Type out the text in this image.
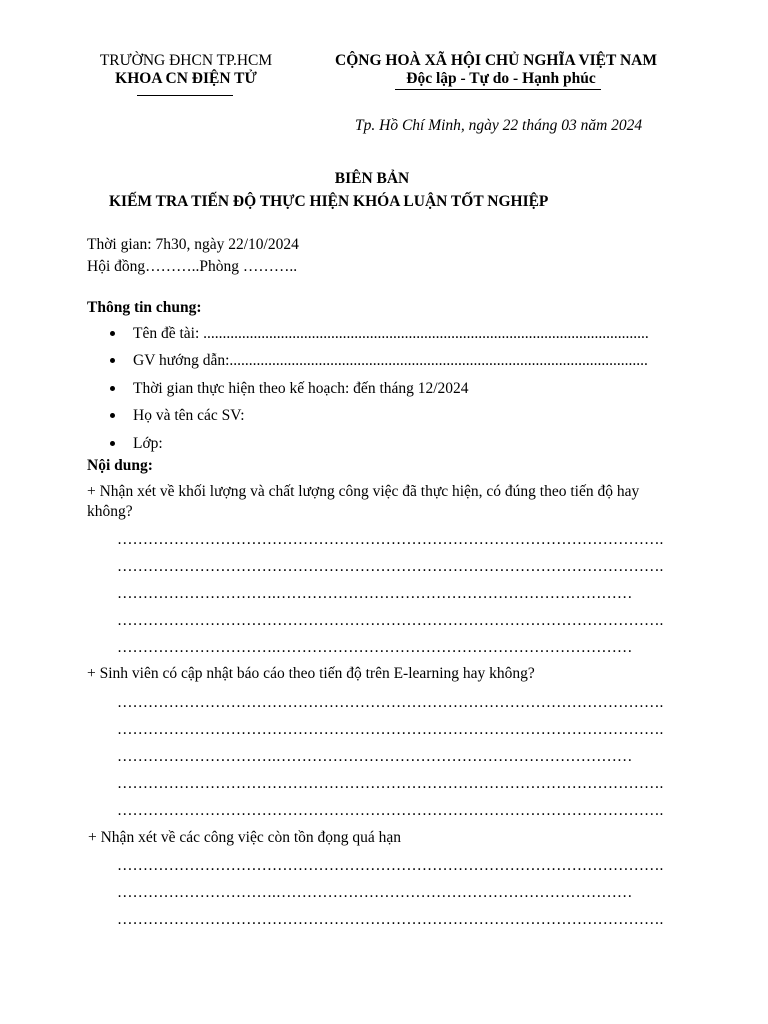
TRƯỜNG ĐHCN TP.HCM
KHOA CN ĐIỆN TỬ
CỘNG HOÀ XÃ HỘI CHỦ NGHĨA VIỆT NAM
Độc lập - Tự do - Hạnh phúc
Tp. Hồ Chí Minh, ngày 22 tháng 03 năm 2024
BIÊN BẢN
KIẾM TRA TIẾN ĐỘ THỰC HIỆN KHÓA LUẬN TỐT NGHIỆP
Thời gian: 7h30, ngày 22/10/2024
Hội đồng………..Phòng ………..
Thông tin chung:
Tên đề tài: ...................................................................................................................
GV hướng dẫn:............................................................................................................
Thời gian thực hiện theo kế hoạch: đến tháng 12/2024
Họ và tên các SV:
Lớp:
Nội dung:
+ Nhận xét về khối lượng và chất lượng công việc đã thực hiện, có đúng theo tiến độ hay
không?
…………………………………………………………………………………………….
…………………………………………………………………………………………….
………………………….……………………………………………………………
…………………………………………………………………………………………….
………………………….……………………………………………………………
+ Sinh viên có cập nhật báo cáo theo tiến độ trên E-learning hay không?
…………………………………………………………………………………………….
…………………………………………………………………………………………….
………………………….……………………………………………………………
…………………………………………………………………………………………….
…………………………………………………………………………………………….
+ Nhận xét về các công việc còn tồn đọng quá hạn
…………………………………………………………………………………………….
………………………….……………………………………………………………
…………………………………………………………………………………………….
